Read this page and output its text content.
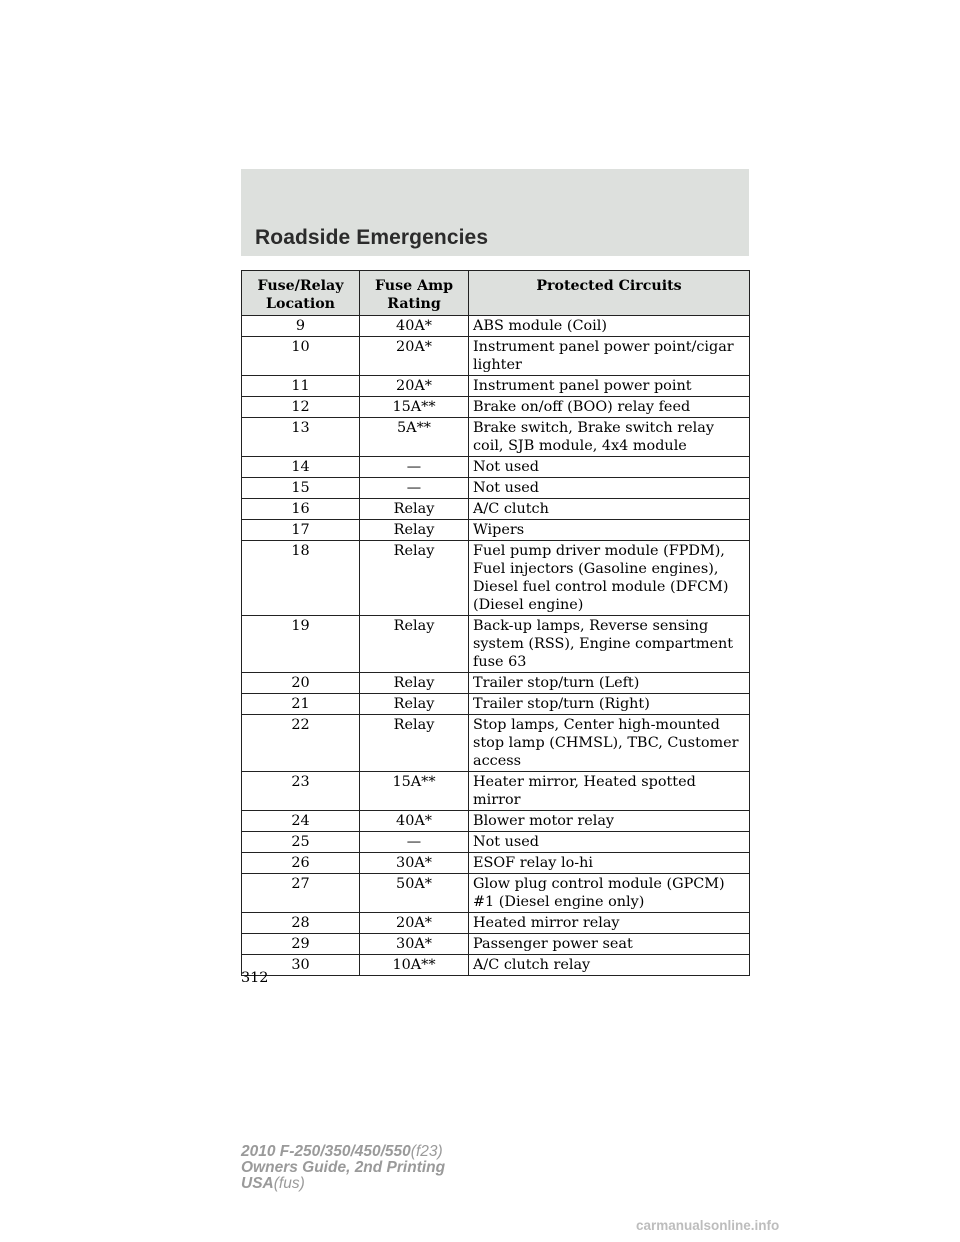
Roadside Emergencies
Fuse/Relay Location	Fuse Amp Rating	Protected Circuits
9	40A*	ABS module (Coil)
10	20A*	Instrument panel power point/cigar lighter
11	20A*	Instrument panel power point
12	15A**	Brake on/off (BOO) relay feed
13	5A**	Brake switch, Brake switch relay coil, SJB module, 4x4 module
14	—	Not used
15	—	Not used
16	Relay	A/C clutch
17	Relay	Wipers
18	Relay	Fuel pump driver module (FPDM), Fuel injectors (Gasoline engines), Diesel fuel control module (DFCM) (Diesel engine)
19	Relay	Back-up lamps, Reverse sensing system (RSS), Engine compartment fuse 63
20	Relay	Trailer stop/turn (Left)
21	Relay	Trailer stop/turn (Right)
22	Relay	Stop lamps, Center high-mounted stop lamp (CHMSL), TBC, Customer access
23	15A**	Heater mirror, Heated spotted mirror
24	40A*	Blower motor relay
25	—	Not used
26	30A*	ESOF relay lo-hi
27	50A*	Glow plug control module (GPCM) #1 (Diesel engine only)
28	20A*	Heated mirror relay
29	30A*	Passenger power seat
30	10A**	A/C clutch relay
312
2010 F-250/350/450/550(f23)
Owners Guide, 2nd Printing
USA(fus)
carmanualsonline.info
